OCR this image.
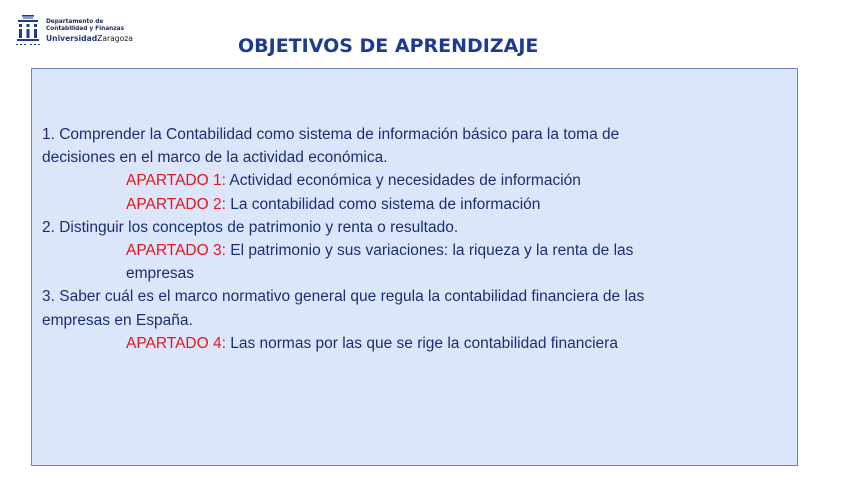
Departamento de
Contabilidad y Finanzas
UniversidadZaragoza	OBJETIVOS DE APRENDIZAJE

1. Comprender la Contabilidad como sistema de información básico para la toma de

decisiones en el marco de la actividad económica.

APARTADO 1: Actividad económica y necesidades de información

APARTADO 2: La contabilidad como sistema de información

2. Distinguir los conceptos de patrimonio y renta o resultado.

APARTADO 3: El patrimonio y sus variaciones: la riqueza y la renta de las

empresas

3. Saber cuál es el marco normativo general que regula la contabilidad financiera de las

empresas en España.

APARTADO 4: Las normas por las que se rige la contabilidad financiera
